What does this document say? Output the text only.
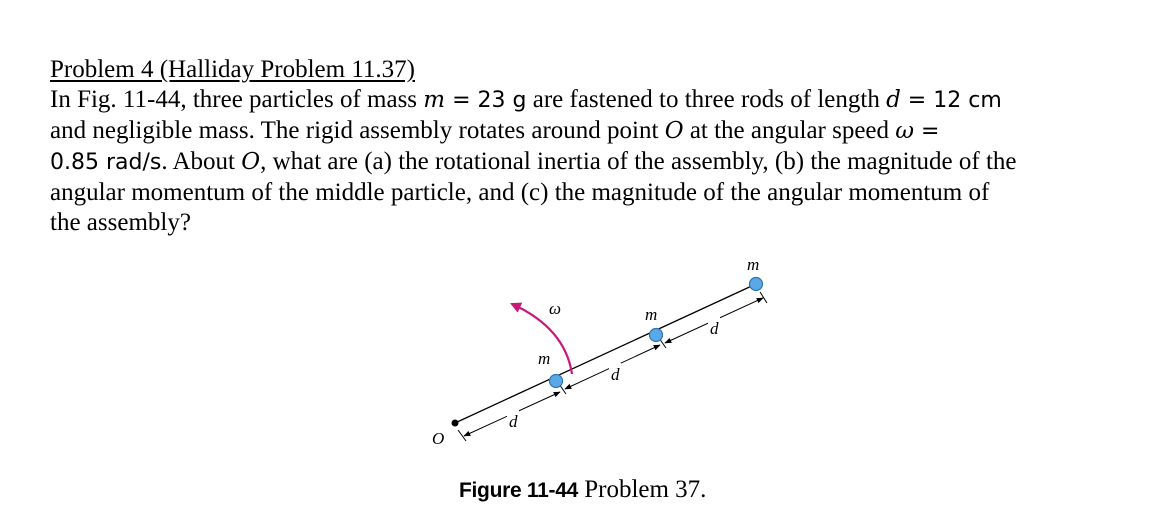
Problem 4 (Halliday Problem 11.37)

In Fig. 11-44, three particles of mass m = 23 g are fastened to three rods of length d = 12 cm

and negligible mass. The rigid assembly rotates around point O at the angular speed ω =

0.85 rad/s. About O, what are (a) the rotational inertia of the assembly, (b) the magnitude of the

angular momentum of the middle particle, and (c) the magnitude of the angular momentum of

the assembly?

O
d
d
d
ω
m
m
m
Figure 11-44 Problem 37.
